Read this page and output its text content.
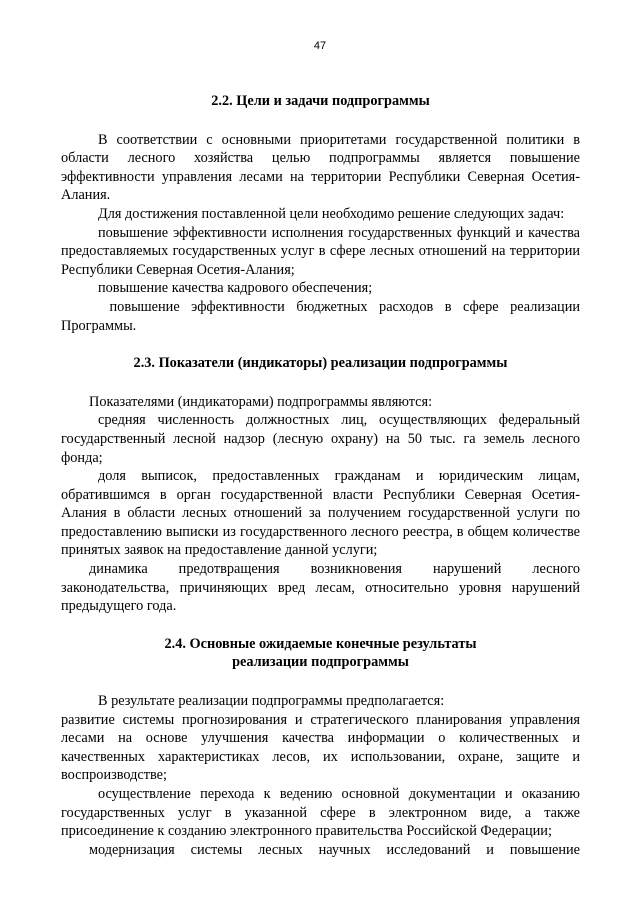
47
2.2. Цели и задачи подпрограммы

В соответствии с основными приоритетами государственной политики в области лесного хозяйства целью подпрограммы является повышение эффективности управления лесами на территории Республики Северная Осетия-Алания.

Для достижения поставленной цели необходимо решение следующих задач:

повышение эффективности исполнения государственных функций и качества предоставляемых государственных услуг в сфере лесных отношений на территории Республики Северная Осетия-Алания;

повышение качества кадрового обеспечения;

повышение эффективности бюджетных расходов в сфере реализации Программы.

2.3. Показатели (индикаторы) реализации подпрограммы

Показателями (индикаторами) подпрограммы являются:

средняя численность должностных лиц, осуществляющих федеральный государственный лесной надзор (лесную охрану) на 50 тыс. га земель лесного фонда;

доля выписок, предоставленных гражданам и юридическим лицам, обратившимся в орган государственной власти Республики Северная Осетия-Алания в области лесных отношений за получением государственной услуги по предоставлению выписки из государственного лесного реестра, в общем количестве принятых заявок на предоставление данной услуги;

динамика предотвращения возникновения нарушений лесного законодательства, причиняющих вред лесам, относительно уровня нарушений предыдущего года.

2.4. Основные ожидаемые конечные результаты
реализации подпрограммы

В результате реализации подпрограммы предполагается:

развитие системы прогнозирования и стратегического планирования управления лесами на основе улучшения качества информации о количественных и качественных характеристиках лесов, их использовании, охране, защите и воспроизводстве;

осуществление перехода к ведению основной документации и оказанию государственных услуг в указанной сфере в электронном виде, а также присоединение к созданию электронного правительства Российской Федерации;

модернизация системы лесных научных исследований и повышение
